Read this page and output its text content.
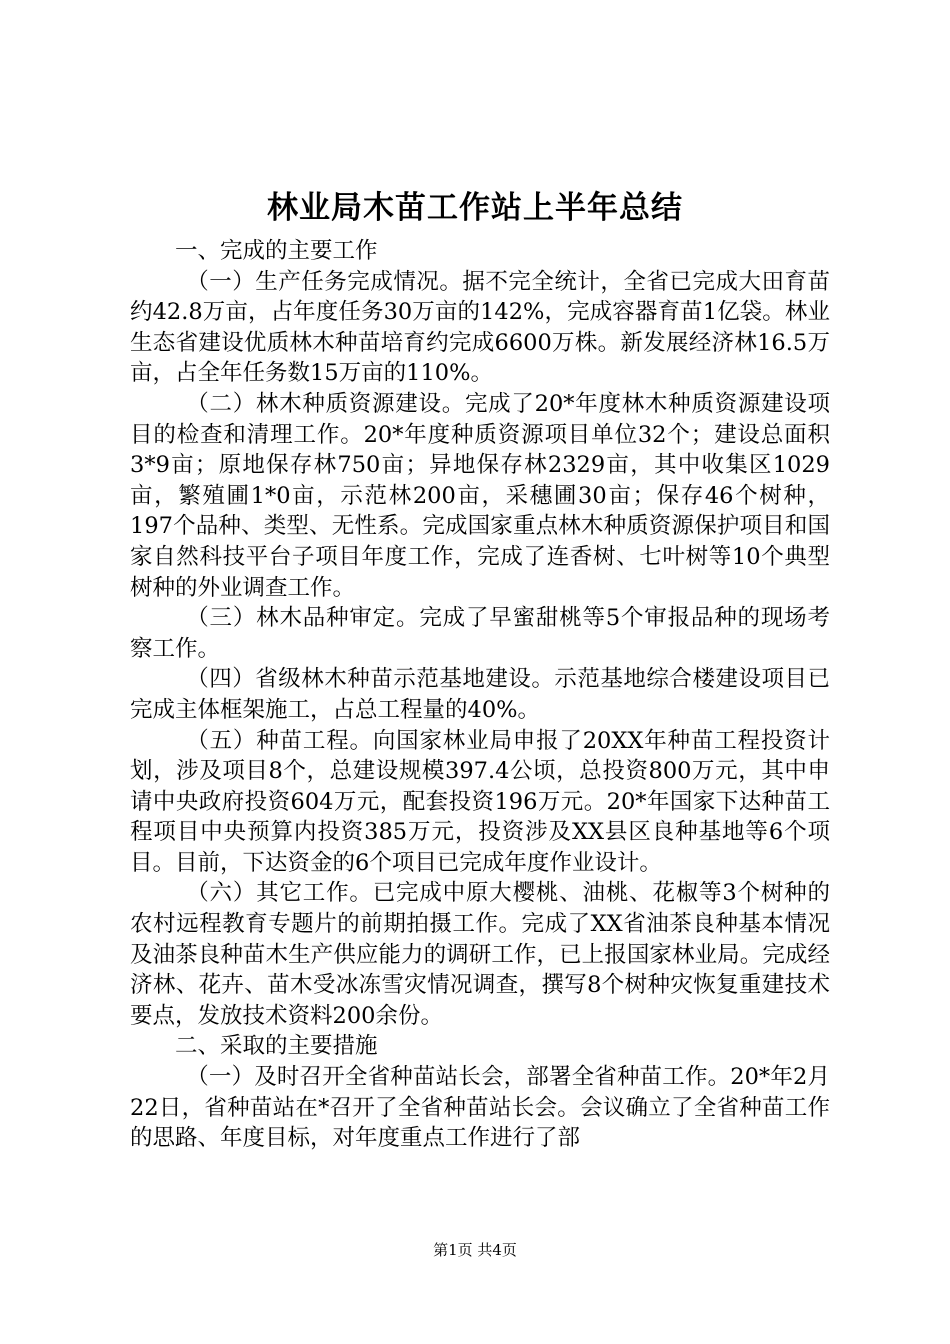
林业局木苗工作站上半年总结

一、完成的主要工作

（一）生产任务完成情况。据不完全统计，全省已完成大田育苗约42.8万亩，占年度任务30万亩的142%，完成容器育苗1亿袋。林业生态省建设优质林木种苗培育约完成6600万株。新发展经济林16.5万亩，占全年任务数15万亩的110%。

（二）林木种质资源建设。完成了20*年度林木种质资源建设项目的检查和清理工作。20*年度种质资源项目单位32个；建设总面积3*9亩；原地保存林750亩；异地保存林2329亩，其中收集区1029亩，繁殖圃1*0亩，示范林200亩，采穗圃30亩；保存46个树种，197个品种、类型、无性系。完成国家重点林木种质资源保护项目和国家自然科技平台子项目年度工作，完成了连香树、七叶树等10个典型树种的外业调查工作。

（三）林木品种审定。完成了早蜜甜桃等5个审报品种的现场考察工作。

（四）省级林木种苗示范基地建设。示范基地综合楼建设项目已完成主体框架施工，占总工程量的40%。

（五）种苗工程。向国家林业局申报了20XX年种苗工程投资计划，涉及项目8个，总建设规模397.4公顷，总投资800万元，其中申请中央政府投资604万元，配套投资196万元。20*年国家下达种苗工程项目中央预算内投资385万元，投资涉及XX县区良种基地等6个项目。目前，下达资金的6个项目已完成年度作业设计。

（六）其它工作。已完成中原大樱桃、油桃、花椒等3个树种的农村远程教育专题片的前期拍摄工作。完成了XX省油茶良种基本情况及油茶良种苗木生产供应能力的调研工作，已上报国家林业局。完成经济林、花卉、苗木受冰冻雪灾情况调查，撰写8个树种灾恢复重建技术要点，发放技术资料200余份。

二、采取的主要措施

（一）及时召开全省种苗站长会，部署全省种苗工作。20*年2月22日，省种苗站在*召开了全省种苗站长会。会议确立了全省种苗工作的思路、年度目标，对年度重点工作进行了部

第1页 共4页
